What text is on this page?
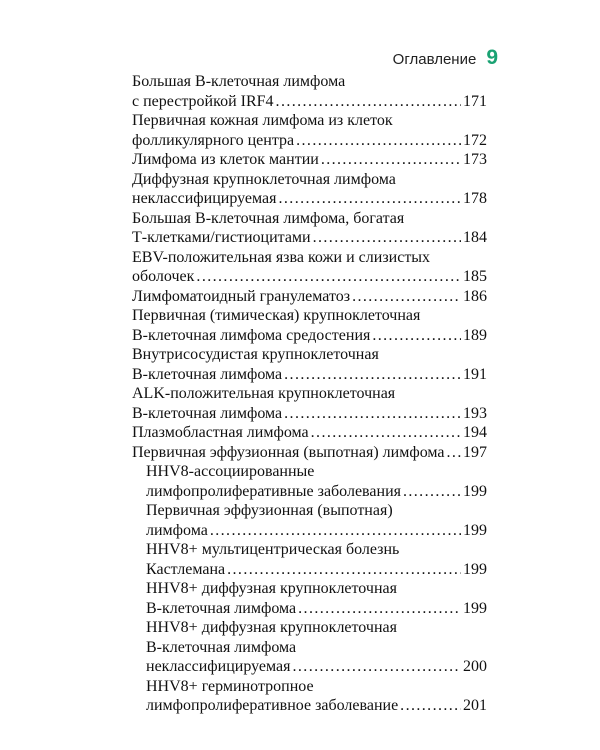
Оглавление 9
Большая В-клеточная лимфома
с перестройкой IRF4 . . .	171
Первичная кожная лимфома из клеток
фолликулярного центра . . .	172
Лимфома из клеток мантии . . .	173
Диффузная крупноклеточная лимфома
неклассифицируемая . . .	178
Большая В-клеточная лимфома, богатая
Т-клетками/гистиоцитами . . .	184
EBV-положительная язва кожи и слизистых
оболочек . . .	185
Лимфоматоидный гранулематоз . . .	186
Первичная (тимическая) крупноклеточная
В-клеточная лимфома средостения . . .	189
Внутрисосудистая крупноклеточная
В-клеточная лимфома . . .	191
ALK-положительная крупноклеточная
В-клеточная лимфома . . .	193
Плазмобластная лимфома . . .	194
Первичная эффузионная (выпотная) лимфома . . . 197
HHV8-ассоциированные
лимфопролиферативные заболевания . . .	199
Первичная эффузионная (выпотная)
лимфома . . .	199
HHV8+ мультицентрическая болезнь
Кастлемана . . .	199
HHV8+ диффузная крупноклеточная
В-клеточная лимфома . . .	199
HHV8+ диффузная крупноклеточная
В-клеточная лимфома
неклассифицируемая . . .	200
HHV8+ герминотропное
лимфопролиферативное заболевание . . .	201
